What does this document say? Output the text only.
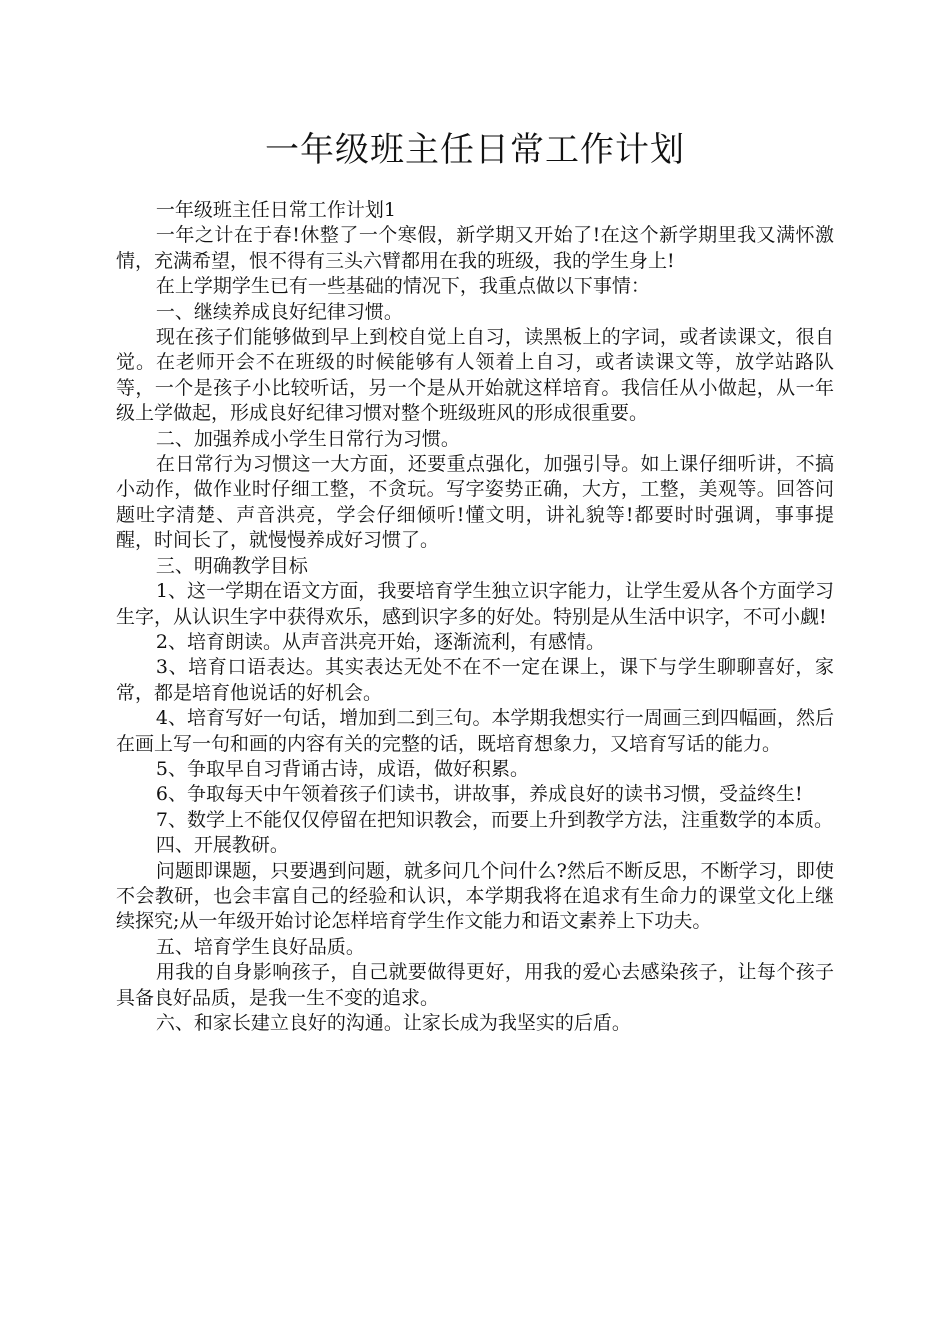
一年级班主任日常工作计划

一年级班主任日常工作计划1

一年之计在于春!休整了一个寒假，新学期又开始了!在这个新学期里我又满怀激情，充满希望，恨不得有三头六臂都用在我的班级，我的学生身上!

在上学期学生已有一些基础的情况下，我重点做以下事情：

一、继续养成良好纪律习惯。

现在孩子们能够做到早上到校自觉上自习，读黑板上的字词，或者读课文，很自觉。在老师开会不在班级的时候能够有人领着上自习，或者读课文等，放学站路队等，一个是孩子小比较听话，另一个是从开始就这样培育。我信任从小做起，从一年级上学做起，形成良好纪律习惯对整个班级班风的形成很重要。

二、加强养成小学生日常行为习惯。

在日常行为习惯这一大方面，还要重点强化，加强引导。如上课仔细听讲，不搞小动作，做作业时仔细工整，不贪玩。写字姿势正确，大方，工整，美观等。回答问题吐字清楚、声音洪亮，学会仔细倾听!懂文明，讲礼貌等!都要时时强调，事事提醒，时间长了，就慢慢养成好习惯了。

三、明确教学目标

1、这一学期在语文方面，我要培育学生独立识字能力，让学生爱从各个方面学习生字，从认识生字中获得欢乐，感到识字多的好处。特别是从生活中识字，不可小觑!

2、培育朗读。从声音洪亮开始，逐渐流利，有感情。

3、培育口语表达。其实表达无处不在不一定在课上，课下与学生聊聊喜好，家常，都是培育他说话的好机会。

4、培育写好一句话，增加到二到三句。本学期我想实行一周画三到四幅画，然后在画上写一句和画的内容有关的完整的话，既培育想象力，又培育写话的能力。

5、争取早自习背诵古诗，成语，做好积累。

6、争取每天中午领着孩子们读书，讲故事，养成良好的读书习惯，受益终生!

7、数学上不能仅仅停留在把知识教会，而要上升到教学方法，注重数学的本质。

四、开展教研。

问题即课题，只要遇到问题，就多问几个问什么?然后不断反思，不断学习，即使不会教研，也会丰富自己的经验和认识，本学期我将在追求有生命力的课堂文化上继续探究;从一年级开始讨论怎样培育学生作文能力和语文素养上下功夫。

五、培育学生良好品质。

用我的自身影响孩子，自己就要做得更好，用我的爱心去感染孩子，让每个孩子具备良好品质，是我一生不变的追求。

六、和家长建立良好的沟通。让家长成为我坚实的后盾。
